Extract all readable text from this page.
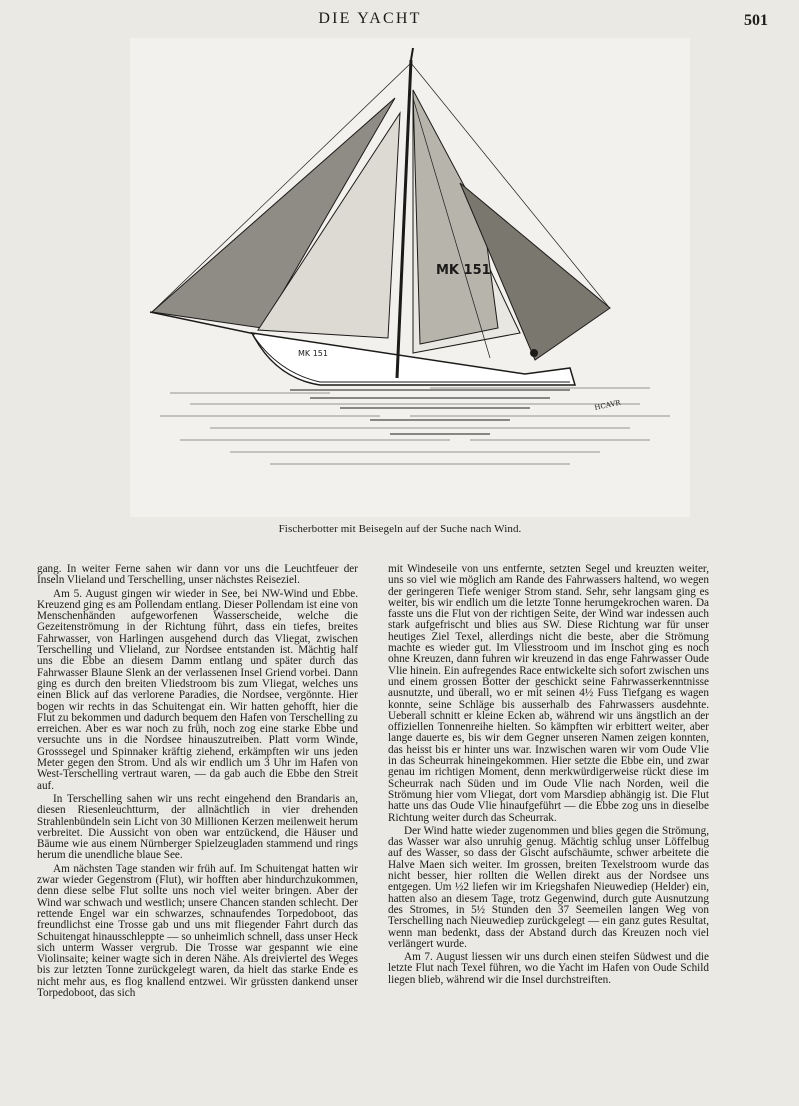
DIE YACHT	501
MK 151
MK 151
HCAVR
Fischerbotter mit Beisegeln auf der Suche nach Wind.

gang. In weiter Ferne sahen wir dann vor uns die Leuchtfeuer der Inseln Vlieland und Terschelling, unser nächstes Reiseziel.

Am 5. August gingen wir wieder in See, bei NW-Wind und Ebbe. Kreuzend ging es am Pollendam entlang. Dieser Pollendam ist eine von Menschenhänden aufgeworfenen Wasserscheide, welche die Gezeitenströmung in der Richtung führt, dass ein tiefes, breites Fahrwasser, von Harlingen ausgehend durch das Vliegat, zwischen Terschelling und Vlieland, zur Nordsee entstanden ist. Mächtig half uns die Ebbe an diesem Damm entlang und später durch das Fahrwasser Blaune Slenk an der verlassenen Insel Griend vorbei. Dann ging es durch den breiten Vliedstroom bis zum Vliegat, welches uns einen Blick auf das verlorene Paradies, die Nordsee, vergönnte. Hier bogen wir rechts in das Schuitengat ein. Wir hatten gehofft, hier die Flut zu bekommen und dadurch bequem den Hafen von Terschelling zu erreichen. Aber es war noch zu früh, noch zog eine starke Ebbe und versuchte uns in die Nordsee hinauszutreiben. Platt vorm Winde, Grosssegel und Spinnaker kräftig ziehend, erkämpften wir uns jeden Meter gegen den Strom. Und als wir endlich um 3 Uhr im Hafen von West-Terschelling vertraut waren, — da gab auch die Ebbe den Streit auf.

In Terschelling sahen wir uns recht eingehend den Brandaris an, diesen Riesenleuchtturm, der allnächtlich in vier drehenden Strahlenbündeln sein Licht von 30 Millionen Kerzen meilenweit herum verbreitet. Die Aussicht von oben war entzückend, die Häuser und Bäume wie aus einem Nürnberger Spielzeugladen stammend und rings herum die unendliche blaue See.

Am nächsten Tage standen wir früh auf. Im Schuitengat hatten wir zwar wieder Gegenstrom (Flut), wir hofften aber hindurchzukommen, denn diese selbe Flut sollte uns noch viel weiter bringen. Aber der Wind war schwach und westlich; unsere Chancen standen schlecht. Der rettende Engel war ein schwarzes, schnaufendes Torpedoboot, das freundlichst eine Trosse gab und uns mit fliegender Fahrt durch das Schuitengat hinausschleppte — so unheimlich schnell, dass unser Heck sich unterm Wasser vergrub. Die Trosse war gespannt wie eine Violinsaite; keiner wagte sich in deren Nähe. Als dreiviertel des Weges bis zur letzten Tonne zurückgelegt waren, da hielt das starke Ende es nicht mehr aus, es flog knallend entzwei. Wir grüssten dankend unser Torpedoboot, das sich

mit Windeseile von uns entfernte, setzten Segel und kreuzten weiter, uns so viel wie möglich am Rande des Fahrwassers haltend, wo wegen der geringeren Tiefe weniger Strom stand. Sehr, sehr langsam ging es weiter, bis wir endlich um die letzte Tonne herumgekrochen waren. Da fasste uns die Flut von der richtigen Seite, der Wind war indessen auch stark aufgefrischt und blies aus SW. Diese Richtung war für unser heutiges Ziel Texel, allerdings nicht die beste, aber die Strömung machte es wieder gut. Im Vliesstroom und im Inschot ging es noch ohne Kreuzen, dann fuhren wir kreuzend in das enge Fahrwasser Oude Vlie hinein. Ein aufregendes Race entwickelte sich sofort zwischen uns und einem grossen Botter der geschickt seine Fahrwasserkenntnisse ausnutzte, und überall, wo er mit seinen 4½ Fuss Tiefgang es wagen konnte, seine Schläge bis ausserhalb des Fahrwassers ausdehnte. Ueberall schnitt er kleine Ecken ab, während wir uns ängstlich an der offiziellen Tonnenreihe hielten. So kämpften wir erbittert weiter, aber lange dauerte es, bis wir dem Gegner unseren Namen zeigen konnten, das heisst bis er hinter uns war. Inzwischen waren wir vom Oude Vlie in das Scheurrak hineingekommen. Hier setzte die Ebbe ein, und zwar genau im richtigen Moment, denn merkwürdigerweise rückt diese im Scheurrak nach Süden und im Oude Vlie nach Norden, weil die Strömung hier vom Vliegat, dort vom Marsdiep abhängig ist. Die Flut hatte uns das Oude Vlie hinaufgeführt — die Ebbe zog uns in dieselbe Richtung weiter durch das Scheurrak.

Der Wind hatte wieder zugenommen und blies gegen die Strömung, das Wasser war also unruhig genug. Mächtig schlug unser Löffelbug auf des Wasser, so dass der Gischt aufschäumte, schwer arbeitete die Halve Maen sich weiter. Im grossen, breiten Texelstroom wurde das nicht besser, hier rollten die Wellen direkt aus der Nordsee uns entgegen. Um ½2 liefen wir im Kriegshafen Nieuwediep (Helder) ein, hatten also an diesem Tage, trotz Gegenwind, durch gute Ausnutzung des Stromes, in 5½ Stunden den 37 Seemeilen langen Weg von Terschelling nach Nieuwediep zurückgelegt — ein ganz gutes Resultat, wenn man bedenkt, dass der Abstand durch das Kreuzen noch viel verlängert wurde.

Am 7. August liessen wir uns durch einen steifen Südwest und die letzte Flut nach Texel führen, wo die Yacht im Hafen von Oude Schild liegen blieb, während wir die Insel durchstreiften.
